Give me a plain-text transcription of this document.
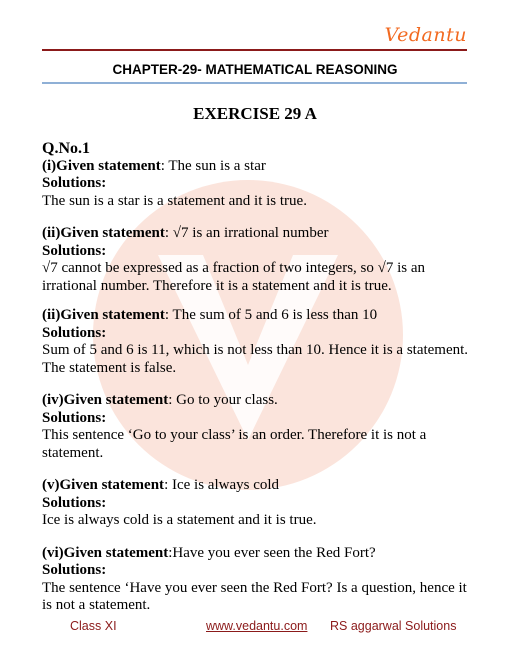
Vedantu
CHAPTER-29- MATHEMATICAL REASONING
EXERCISE 29 A

Q.No.1

(i)Given statement: The sun is a star

Solutions:

The sun is a star is a statement and it is true.

(ii)Given statement: √7 is an irrational number

Solutions:

√7 cannot be expressed as a fraction of two integers, so √7 is an irrational number. Therefore it is a statement and it is true.

(ii)Given statement: The sum of 5 and 6 is less than 10

Solutions:

Sum of 5 and 6 is 11, which is not less than 10. Hence it is a statement. The statement is false.

(iv)Given statement: Go to your class.

Solutions:

This sentence ‘Go to your class’ is an order. Therefore it is not a statement.

(v)Given statement: Ice is always cold

Solutions:

Ice is always cold is a statement and it is true.

(vi)Given statement:Have you ever seen the Red Fort?

Solutions:

The sentence ‘Have you ever seen the Red Fort? Is a question, hence it is not a statement.

Class XI	www.vedantu.com RS aggarwal Solutions
